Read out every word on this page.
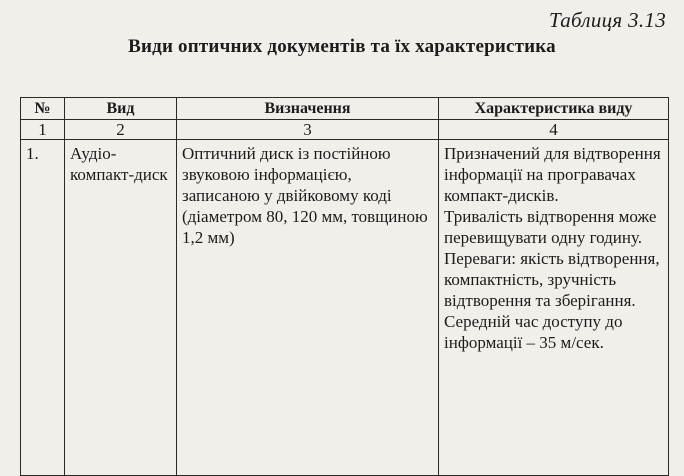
Таблиця 3.13
Види оптичних документів та їх характеристика
№	Вид	Визначення	Характеристика виду
1	2	3	4
1.	Аудіо-компакт-диск	Оптичний диск із постійною звуковою інформацією, записаною у двійковому коді (діаметром 80, 120 мм, товщиною 1,2 мм)	Призначений для відтворення інформації на програвачах компакт-дисків.
Тривалість відтворення може перевищувати одну годину.
Переваги: якість відтворення, компактність, зручність відтворення та зберігання. Середній час доступу до інформації – 35 м/сек.
